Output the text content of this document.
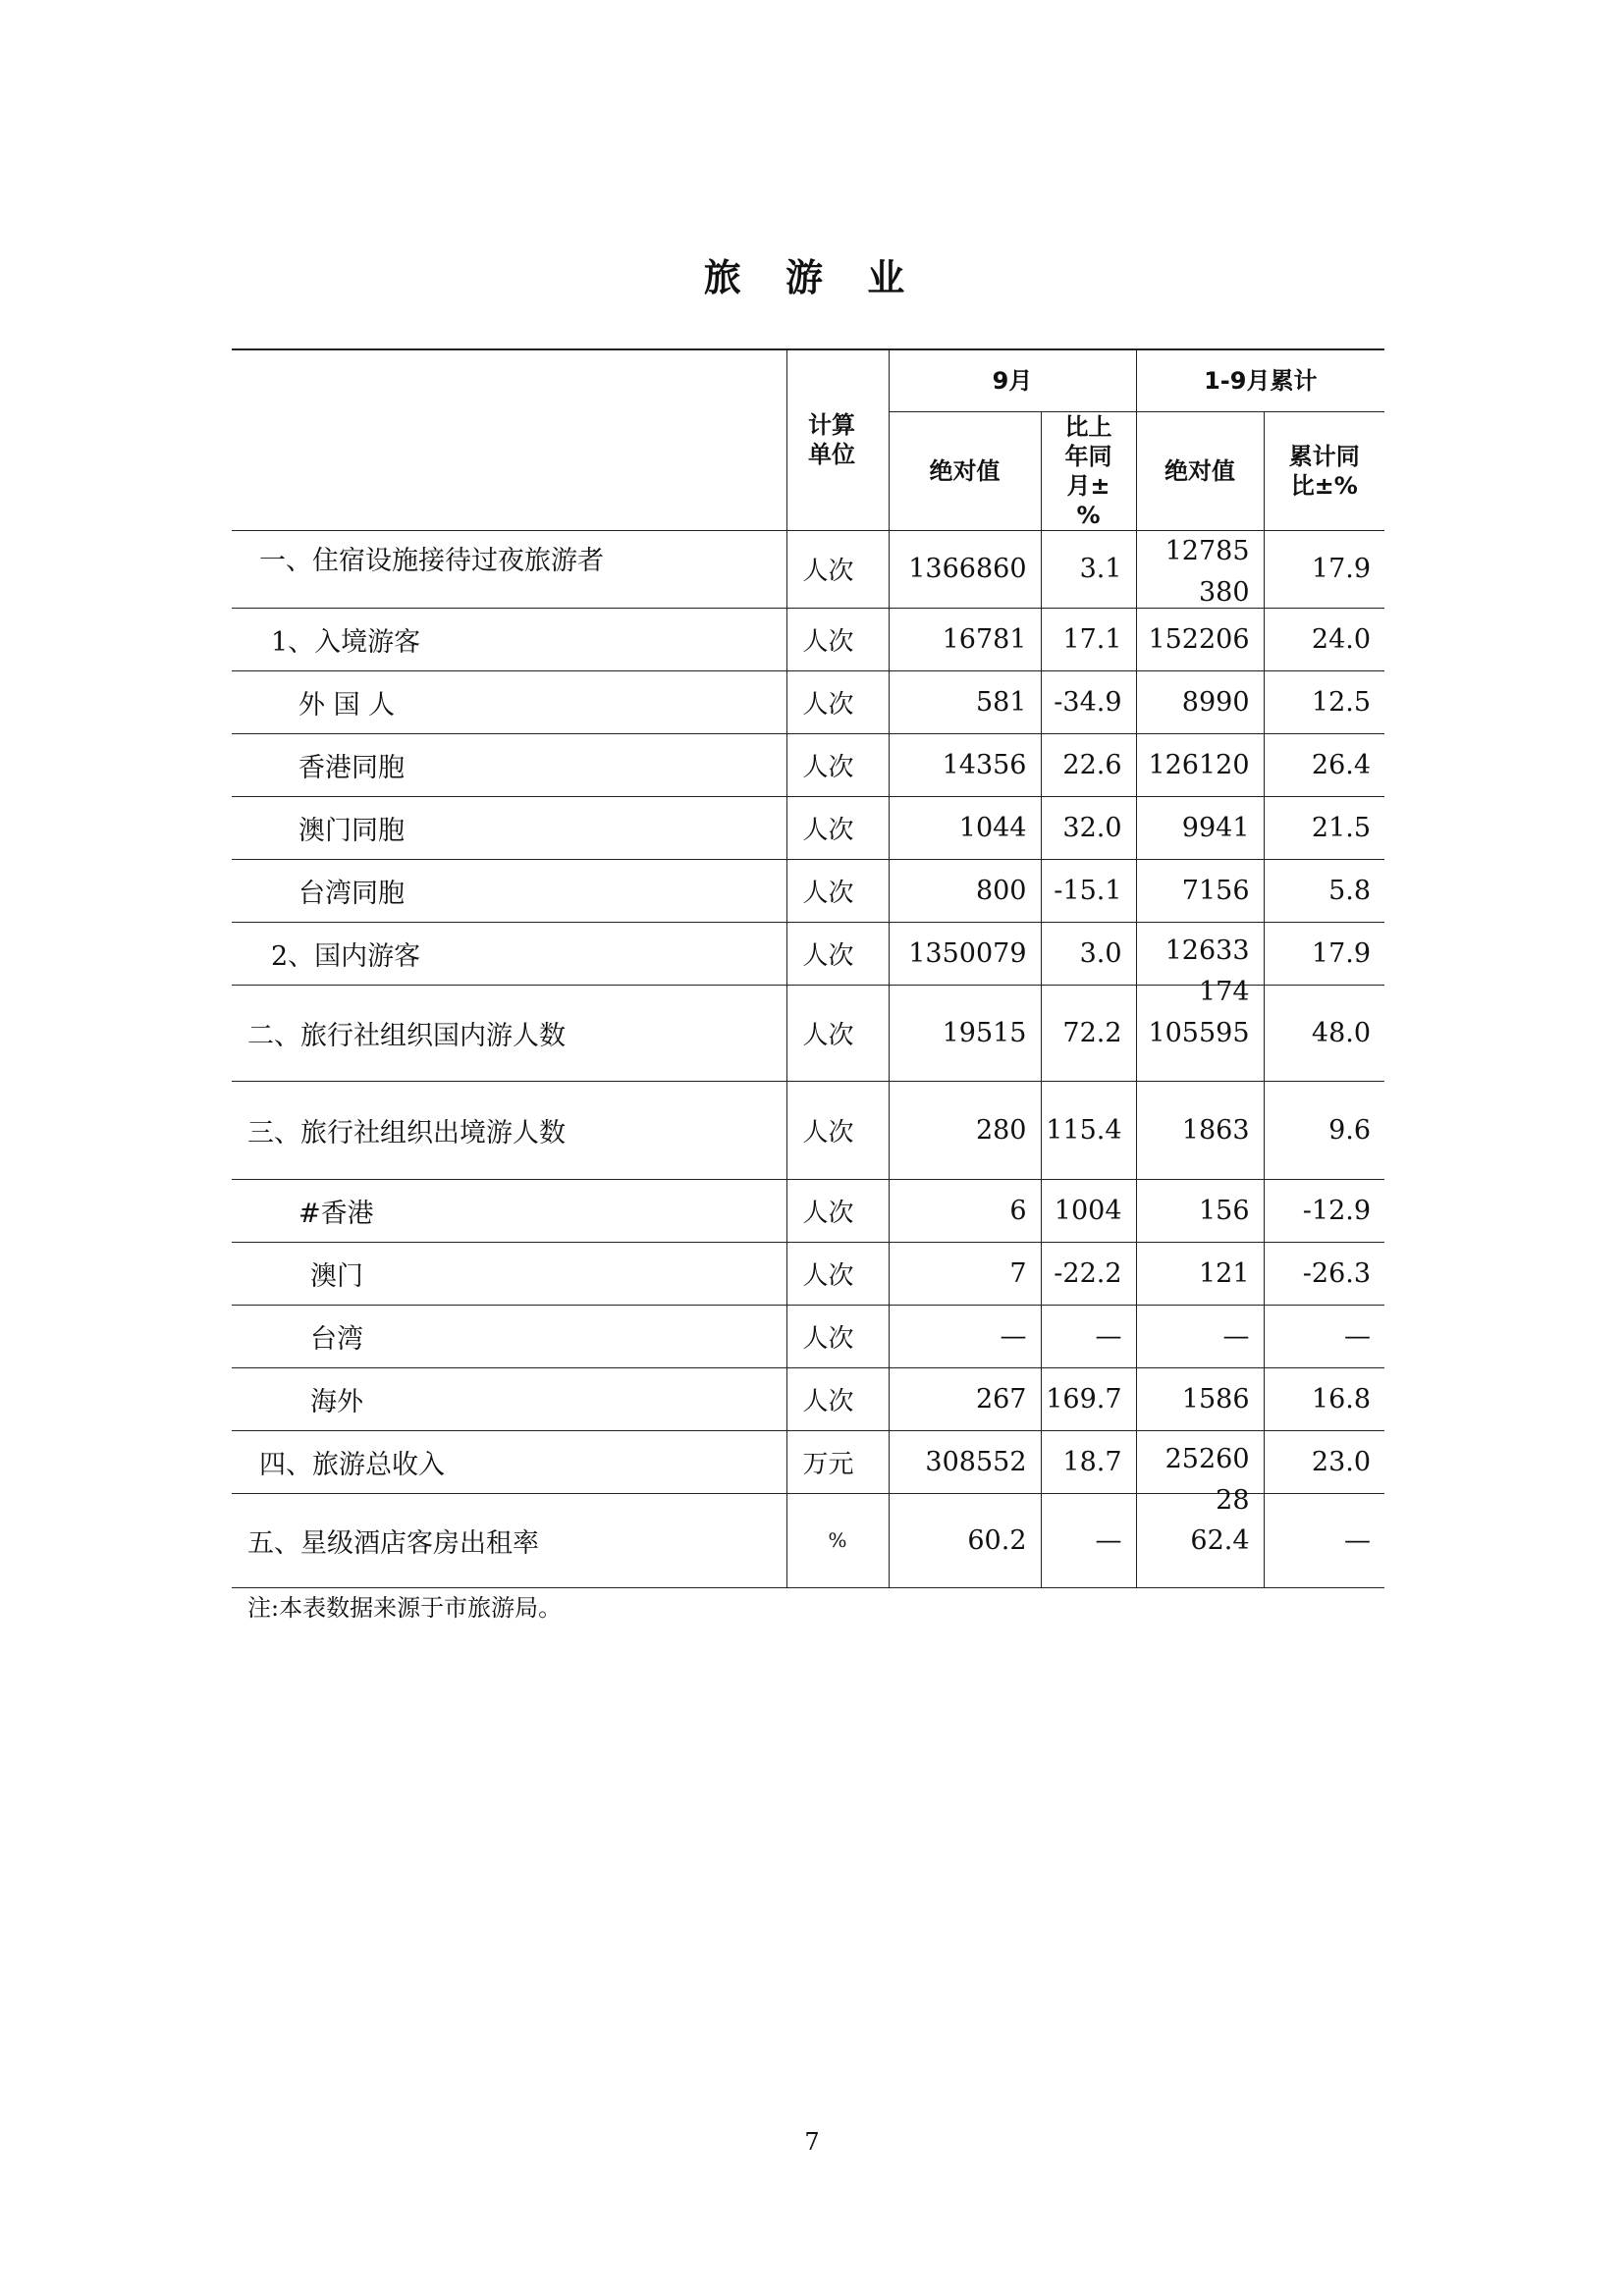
旅 游 业

	计算单位	9月		1-9月累计	
		绝对值	比上年同月±%	绝对值	累计同比±%

一、住宿设施接待过夜旅游者	人次	1366860	3.1	12785380	17.9
1、入境游客	人次	16781	17.1	152206	24.0
外 国 人	人次	581	-34.9	8990	12.5
香港同胞	人次	14356	22.6	126120	26.4
澳门同胞	人次	1044	32.0	9941	21.5
台湾同胞	人次	800	-15.1	7156	5.8
2、国内游客	人次	1350079	3.0	12633174	17.9
二、旅行社组织国内游人数	人次	19515	72.2	105595	48.0
三、旅行社组织出境游人数	人次	280	115.4	1863	9.6
#香港	人次	6	1004	156	-12.9
澳门	人次	7	-22.2	121	-26.3
台湾	人次	—	—	—	—
海外	人次	267	169.7	1586	16.8
四、旅游总收入	万元	308552	18.7	2526028	23.0
五、星级酒店客房出租率	%	60.2	—	62.4	—
注:本表数据来源于市旅游局。
7
